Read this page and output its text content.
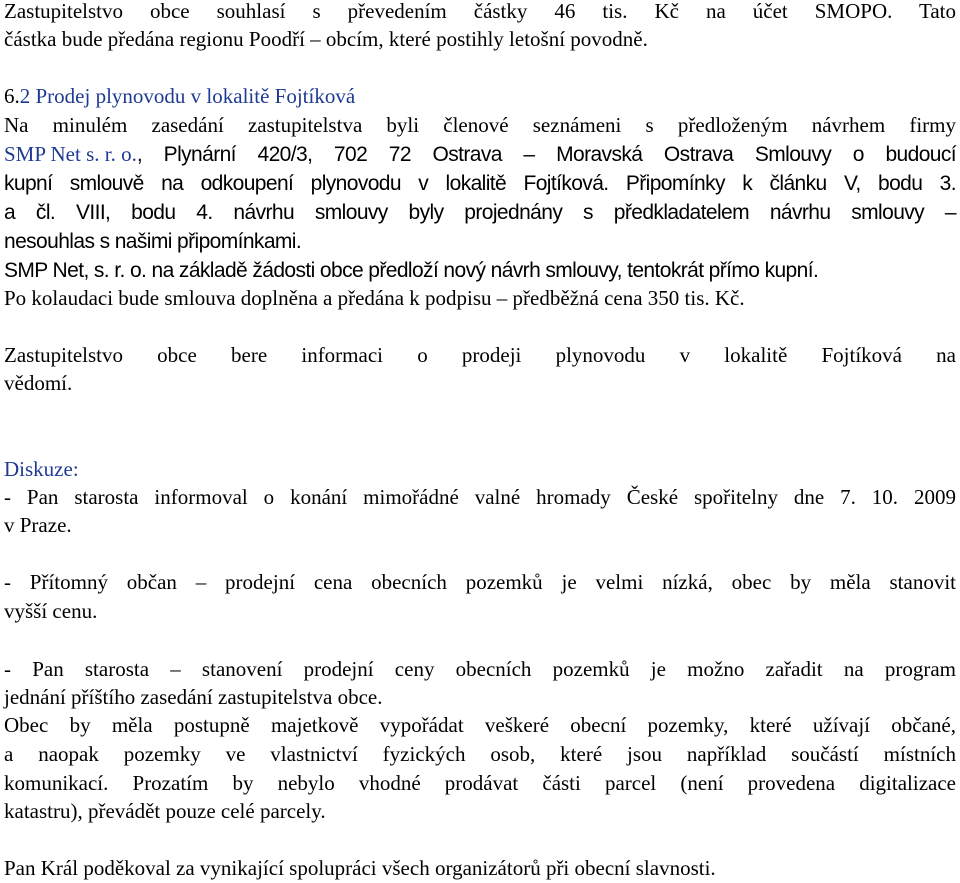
Zastupitelstvo obce souhlasí s převedením částky 46 tis. Kč na účet SMOPO. Tato
částka bude předána regionu Poodří – obcím, které postihly letošní povodně.
6.2 Prodej plynovodu v lokalitě Fojtíková
Na minulém zasedání zastupitelstva byli členové seznámeni s předloženým návrhem firmy
SMP Net s. r. o. , Plynární 420/3, 702 72 Ostrava – Moravská Ostrava Smlouvy o budoucí
kupní smlouvě na odkoupení plynovodu v lokalitě Fojtíková. Připomínky k článku V, bodu 3.
a čl. VIII, bodu 4. návrhu smlouvy byly projednány s předkladatelem návrhu smlouvy –
nesouhlas s našimi připomínkami.
SMP Net, s. r. o. na základě žádosti obce předloží nový návrh smlouvy, tentokrát přímo kupní.
Po kolaudaci bude smlouva doplněna a předána k podpisu – předběžná cena 350 tis. Kč.
Zastupitelstvo obce bere informaci o prodeji plynovodu v lokalitě Fojtíková na
vědomí.
Diskuze:
- Pan starosta informoval o konání mimořádné valné hromady České spořitelny dne 7. 10. 2009
v Praze.
- Přítomný občan – prodejní cena obecních pozemků je velmi nízká, obec by měla stanovit
vyšší cenu.
- Pan starosta – stanovení prodejní ceny obecních pozemků je možno zařadit na program
jednání příštího zasedání zastupitelstva obce.
Obec by měla postupně majetkově vypořádat veškeré obecní pozemky, které užívají občané,
a naopak pozemky ve vlastnictví fyzických osob, které jsou například součástí místních
komunikací. Prozatím by nebylo vhodné prodávat části parcel (není provedena digitalizace
katastru), převádět pouze celé parcely.
Pan Král poděkoval za vynikající spolupráci všech organizátorů při obecní slavnosti.
